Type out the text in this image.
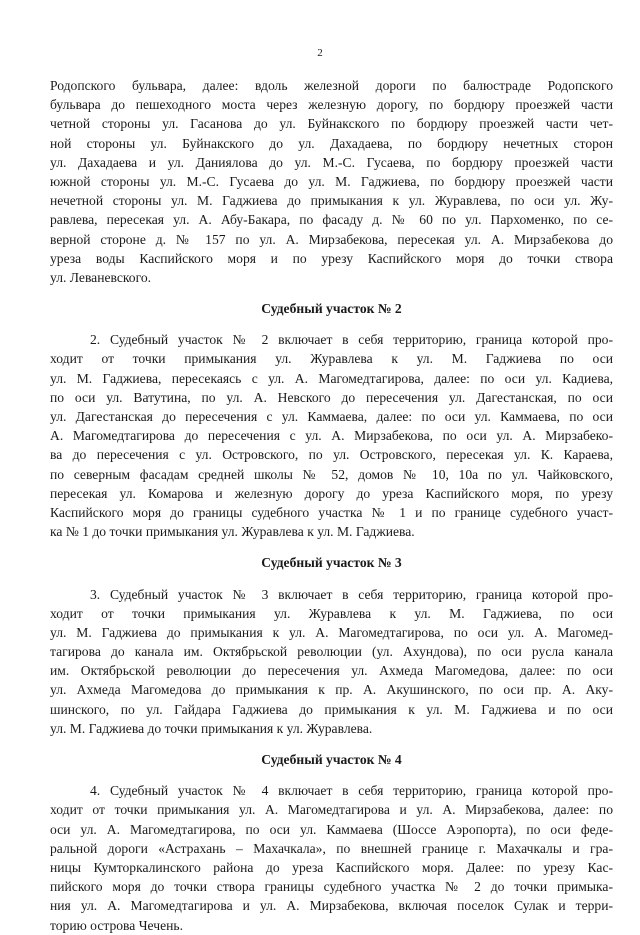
2
Родопского бульвара, далее: вдоль железной дороги по балюстраде Родопского
бульвара до пешеходного моста через железную дорогу, по бордюру проезжей части
четной стороны ул. Гасанова до ул. Буйнакского по бордюру проезжей части чет-
ной стороны ул. Буйнакского до ул. Дахадаева, по бордюру нечетных сторон
ул. Дахадаева и ул. Даниялова до ул. М.-С. Гусаева, по бордюру проезжей части
южной стороны ул. М.-С. Гусаева до ул. М. Гаджиева, по бордюру проезжей части
нечетной стороны ул. М. Гаджиева до примыкания к ул. Журавлева, по оси ул. Жу-
равлева, пересекая ул. А. Абу-Бакара, по фасаду д. № 60 по ул. Пархоменко, по се-
верной стороне д. № 157 по ул. А. Мирзабекова, пересекая ул. А. Мирзабекова до
уреза воды Каспийского моря и по урезу Каспийского моря до точки створа
ул. Леваневского.
Судебный участок № 2
2. Судебный участок № 2 включает в себя территорию, граница которой про-
ходит от точки примыкания ул. Журавлева к ул. М. Гаджиева по оси
ул. М. Гаджиева, пересекаясь с ул. А. Магомедтагирова, далее: по оси ул. Кадиева,
по оси ул. Ватутина, по ул. А. Невского до пересечения ул. Дагестанская, по оси
ул. Дагестанская до пересечения с ул. Каммаева, далее: по оси ул. Каммаева, по оси
А. Магомедтагирова до пересечения с ул. А. Мирзабекова, по оси ул. А. Мирзабеко-
ва до пересечения с ул. Островского, по ул. Островского, пересекая ул. К. Караева,
по северным фасадам средней школы № 52, домов № 10, 10а по ул. Чайковского,
пересекая ул. Комарова и железную дорогу до уреза Каспийского моря, по урезу
Каспийского моря до границы судебного участка № 1 и по границе судебного участ-
ка № 1 до точки примыкания ул. Журавлева к ул. М. Гаджиева.
Судебный участок № 3
3. Судебный участок № 3 включает в себя территорию, граница которой про-
ходит от точки примыкания ул. Журавлева к ул. М. Гаджиева, по оси
ул. М. Гаджиева до примыкания к ул. А. Магомедтагирова, по оси ул. А. Магомед-
тагирова до канала им. Октябрьской революции (ул. Ахундова), по оси русла канала
им. Октябрьской революции до пересечения ул. Ахмеда Магомедова, далее: по оси
ул. Ахмеда Магомедова до примыкания к пр. А. Акушинского, по оси пр. А. Аку-
шинского, по ул. Гайдара Гаджиева до примыкания к ул. М. Гаджиева и по оси
ул. М. Гаджиева до точки примыкания к ул. Журавлева.
Судебный участок № 4
4. Судебный участок № 4 включает в себя территорию, граница которой про-
ходит от точки примыкания ул. А. Магомедтагирова и ул. А. Мирзабекова, далее: по
оси ул. А. Магомедтагирова, по оси ул. Каммаева (Шоссе Аэропорта), по оси феде-
ральной дороги «Астрахань – Махачкала», по внешней границе г. Махачкалы и гра-
ницы Кумторкалинского района до уреза Каспийского моря. Далее: по урезу Кас-
пийского моря до точки створа границы судебного участка № 2 до точки примыка-
ния ул. А. Магомедтагирова и ул. А. Мирзабекова, включая поселок Сулак и терри-
торию острова Чечень.
